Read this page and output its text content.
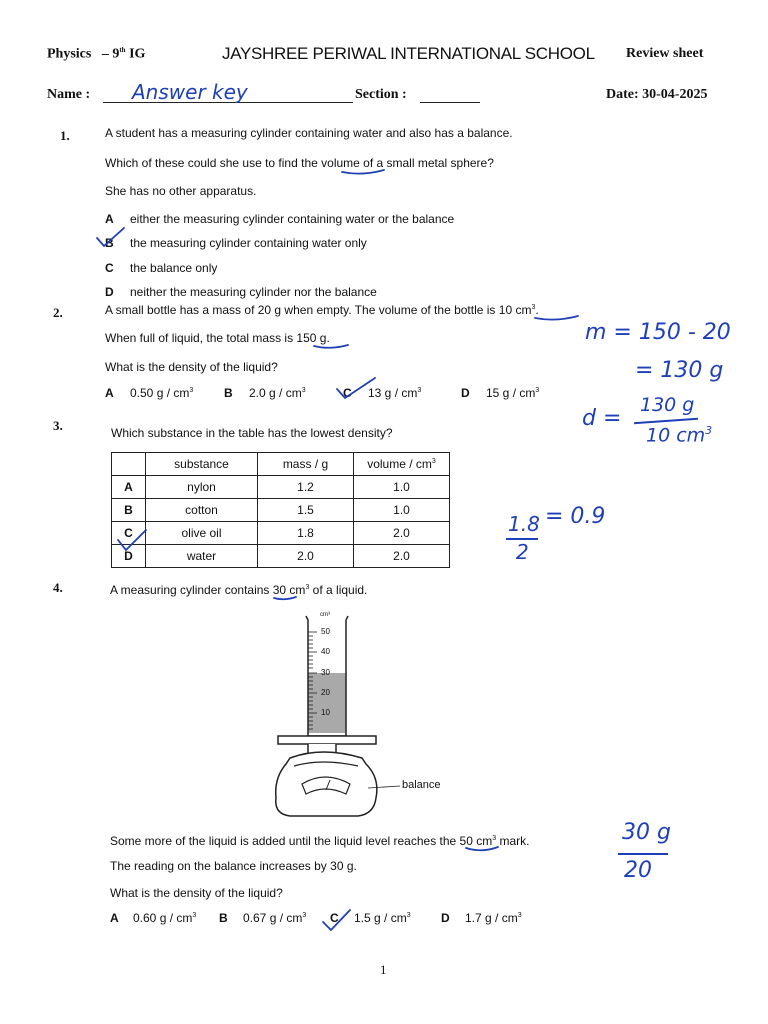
Physics – 9th IG	JAYSHREE PERIWAL INTERNATIONAL SCHOOL Review sheet
Name : Answer key	Section :	Date: 30-04-2025
1.	A student has a measuring cylinder containing water and also has a balance.
Which of these could she use to find the volume of a small metal sphere?
She has no other apparatus.
A either the measuring cylinder containing water or the balance
B the measuring cylinder containing water only
C the balance only
D neither the measuring cylinder nor the balance
2.	A small bottle has a mass of 20 g when empty. The volume of the bottle is 10 $cm^3$.
When full of liquid, the total mass is 150 g.
What is the density of the liquid?
A 0.50 g / $cm^3$	B 2.0 g / $cm^3$	C 13 g / $cm^3$	D 15 g / $cm^3$
m = 150 - 20
= 130 g
d =
130 g
10 $cm^3$
3.	Which substance in the table has the lowest density?
	substance	mass / g	volume / $cm^3$
A	nylon	1.2	1.0
B	cotton	1.5	1.0
C	olive oil	1.8	2.0
D	water	2.0	2.0
1.8
2
= 0.9
4.	A measuring cylinder contains 30 $cm^3$ of a liquid.
cm³
50
40
30
20
10
balance
Some more of the liquid is added until the liquid level reaches the 50 $cm^3$ mark.
The reading on the balance increases by 30 g.
What is the density of the liquid?
A 0.60 g / $cm^3$ B 0.67 g / $cm^3$ C 1.5 g / $cm^3$	D 1.7 g / $cm^3$
30 g
20
1
